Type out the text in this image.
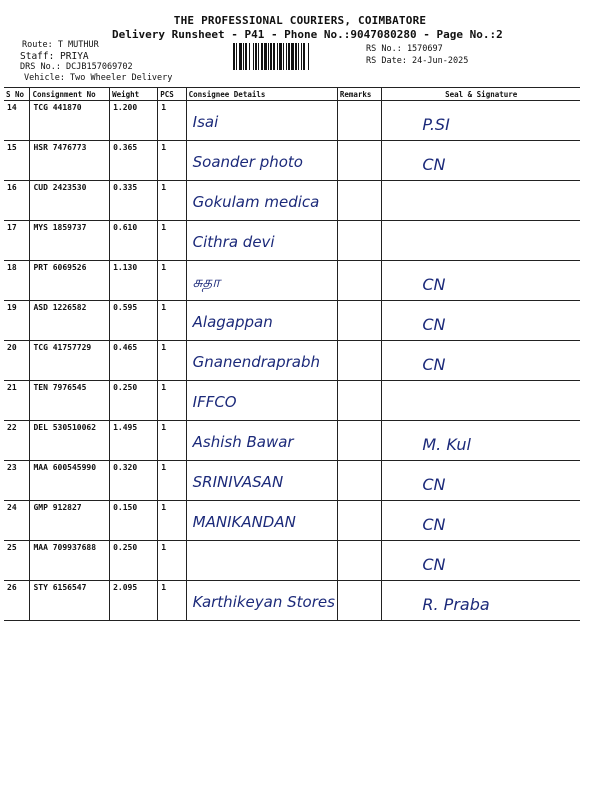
THE PROFESSIONAL COURIERS, COIMBATORE
Delivery Runsheet - P41 - Phone No.:9047080280 - Page No.:2
Route: T MUTHUR
Staff: PRIYA
DRS No.: DCJB157069702
Vehicle: Two Wheeler Delivery
RS No.: 1570697
RS Date: 24-Jun-2025
S No	Consignment No	Weight	PCS	Consignee Details	Remarks	Seal & Signature
14	TCG 441870	1.200	1	Isai		P.SI

15	HSR 7476773	0.365	1	Soander photo		CN

16	CUD 2423530	0.335	1	Gokulam medica		

17	MYS 1859737	0.610	1	Cithra devi		

18	PRT 6069526	1.130	1	சுதா		CN

19	ASD 1226582	0.595	1	Alagappan		CN

20	TCG 41757729	0.465	1	Gnanendraprabh		CN

21	TEN 7976545	0.250	1	IFFCO		

22	DEL 530510062	1.495	1	Ashish Bawar		M. Kul

23	MAA 600545990	0.320	1	SRINIVASAN		CN

24	GMP 912827	0.150	1	MANIKANDAN		CN

25	MAA 709937688	0.250	1			CN

26	STY 6156547	2.095	1	Karthikeyan Stores		R. Praba
